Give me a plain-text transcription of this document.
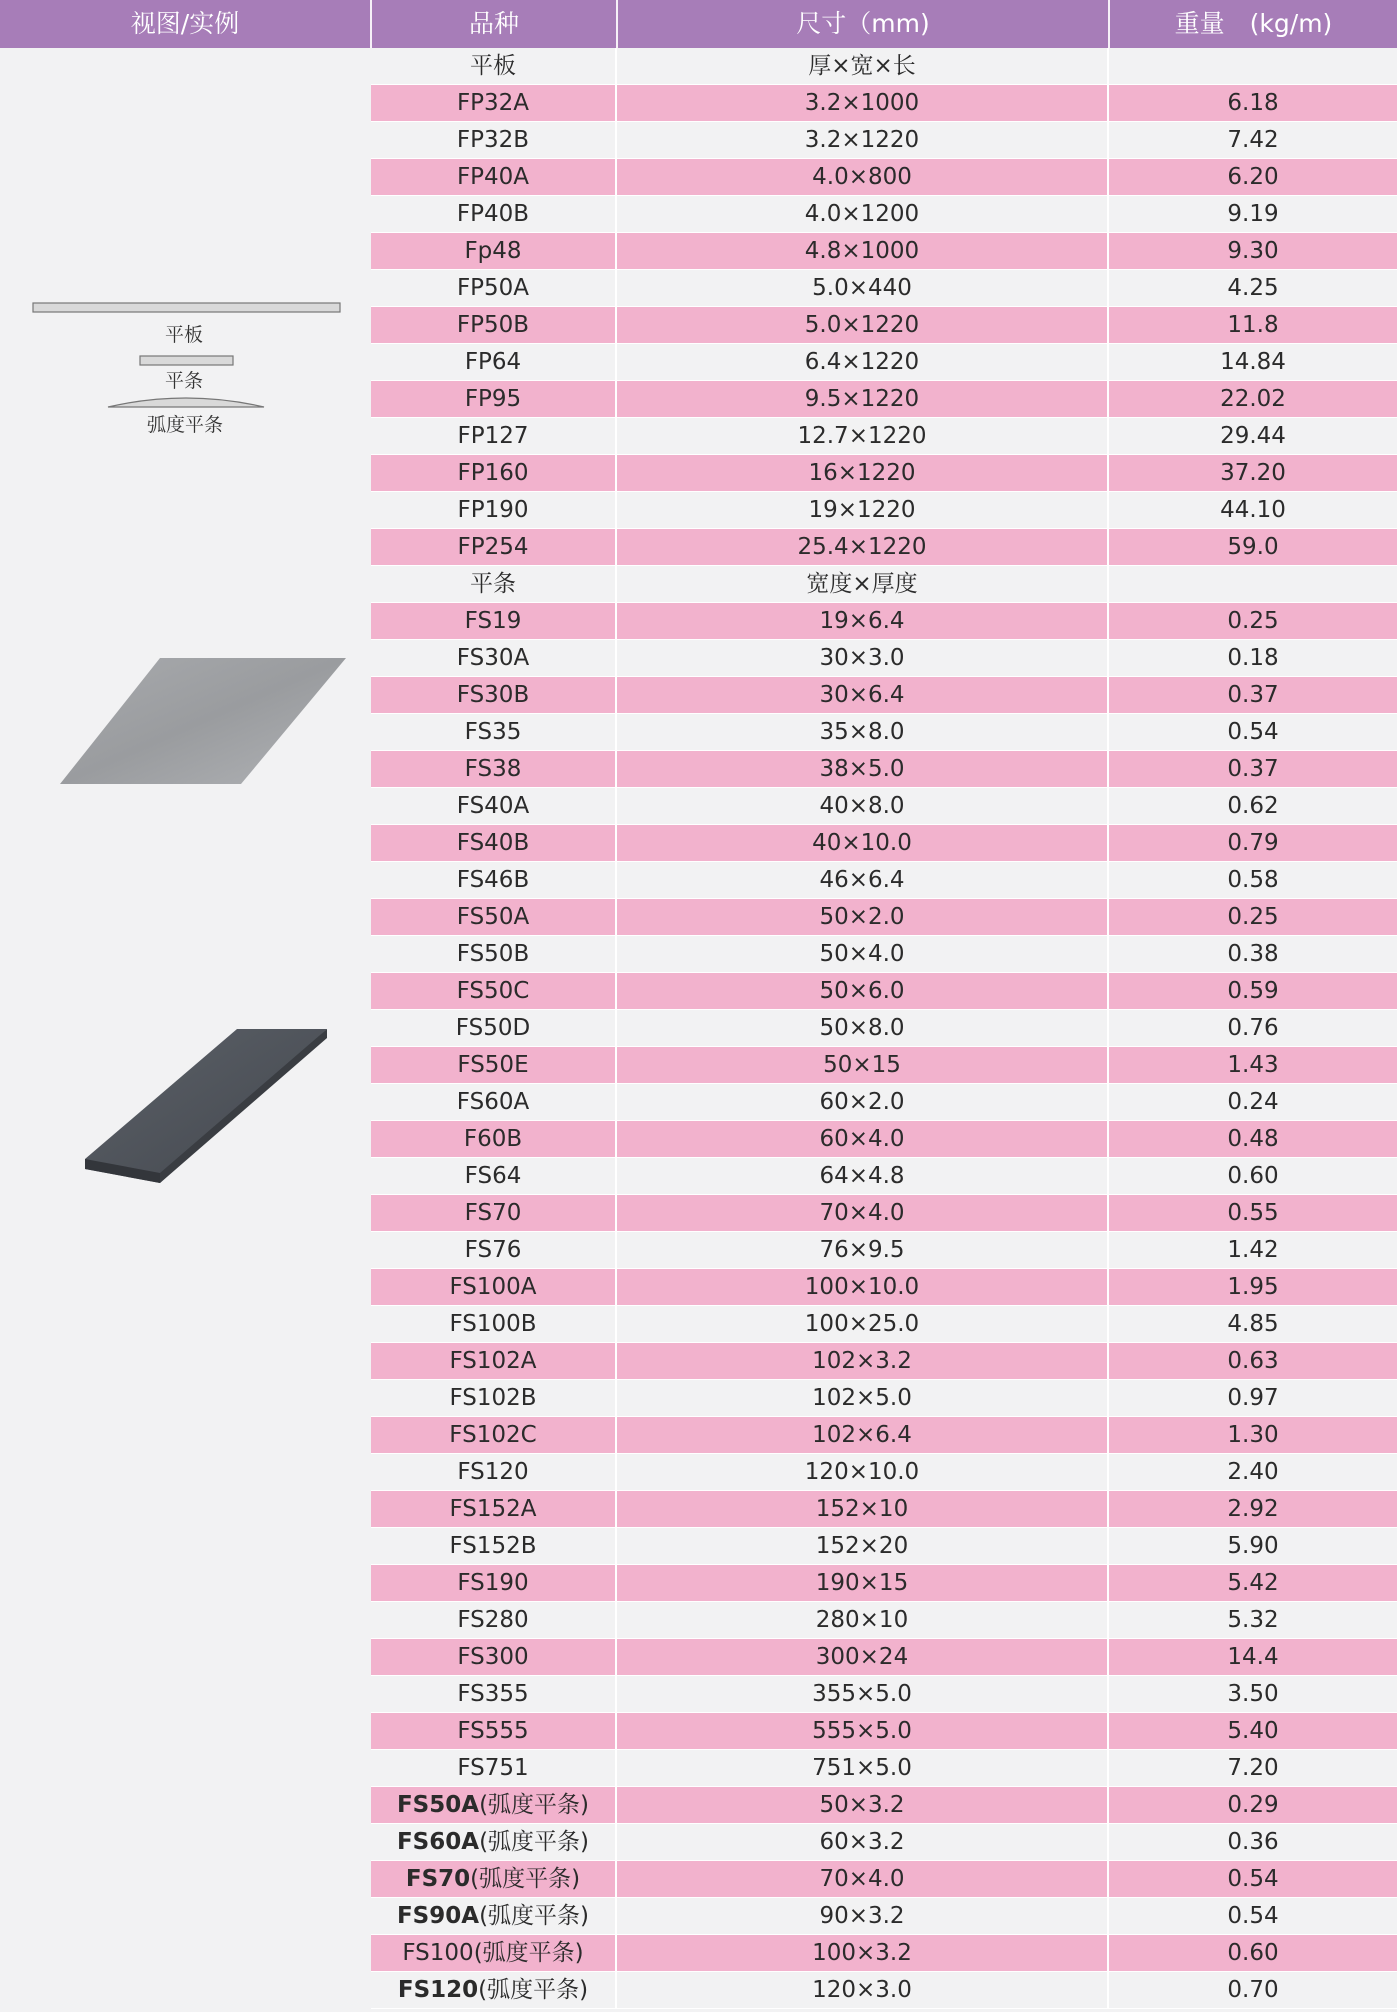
视图/实例	品种	尺寸（mm)	重量　(kg/m)
平板
平条
弧度平条
平板	厚×宽×长
FP32A	3.2×1000	6.18
FP32B	3.2×1220	7.42
FP40A	4.0×800	6.20
FP40B	4.0×1200	9.19
Fp48	4.8×1000	9.30
FP50A	5.0×440	4.25
FP50B	5.0×1220	11.8
FP64	6.4×1220	14.84
FP95	9.5×1220	22.02
FP127	12.7×1220	29.44
FP160	16×1220	37.20
FP190	19×1220	44.10
FP254	25.4×1220	59.0
平条	宽度×厚度
FS19	19×6.4	0.25
FS30A	30×3.0	0.18
FS30B	30×6.4	0.37
FS35	35×8.0	0.54
FS38	38×5.0	0.37
FS40A	40×8.0	0.62
FS40B	40×10.0	0.79
FS46B	46×6.4	0.58
FS50A	50×2.0	0.25
FS50B	50×4.0	0.38
FS50C	50×6.0	0.59
FS50D	50×8.0	0.76
FS50E	50×15	1.43
FS60A	60×2.0	0.24
F60B	60×4.0	0.48
FS64	64×4.8	0.60
FS70	70×4.0	0.55
FS76	76×9.5	1.42
FS100A	100×10.0	1.95
FS100B	100×25.0	4.85
FS102A	102×3.2	0.63
FS102B	102×5.0	0.97
FS102C	102×6.4	1.30
FS120	120×10.0	2.40
FS152A	152×10	2.92
FS152B	152×20	5.90
FS190	190×15	5.42
FS280	280×10	5.32
FS300	300×24	14.4
FS355	355×5.0	3.50
FS555	555×5.0	5.40
FS751	751×5.0	7.20
FS50A(弧度平条)	50×3.2	0.29
FS60A(弧度平条)	60×3.2	0.36
FS70(弧度平条)	70×4.0	0.54
FS90A(弧度平条)	90×3.2	0.54
FS100(弧度平条)	100×3.2	0.60
FS120(弧度平条)	120×3.0	0.70
